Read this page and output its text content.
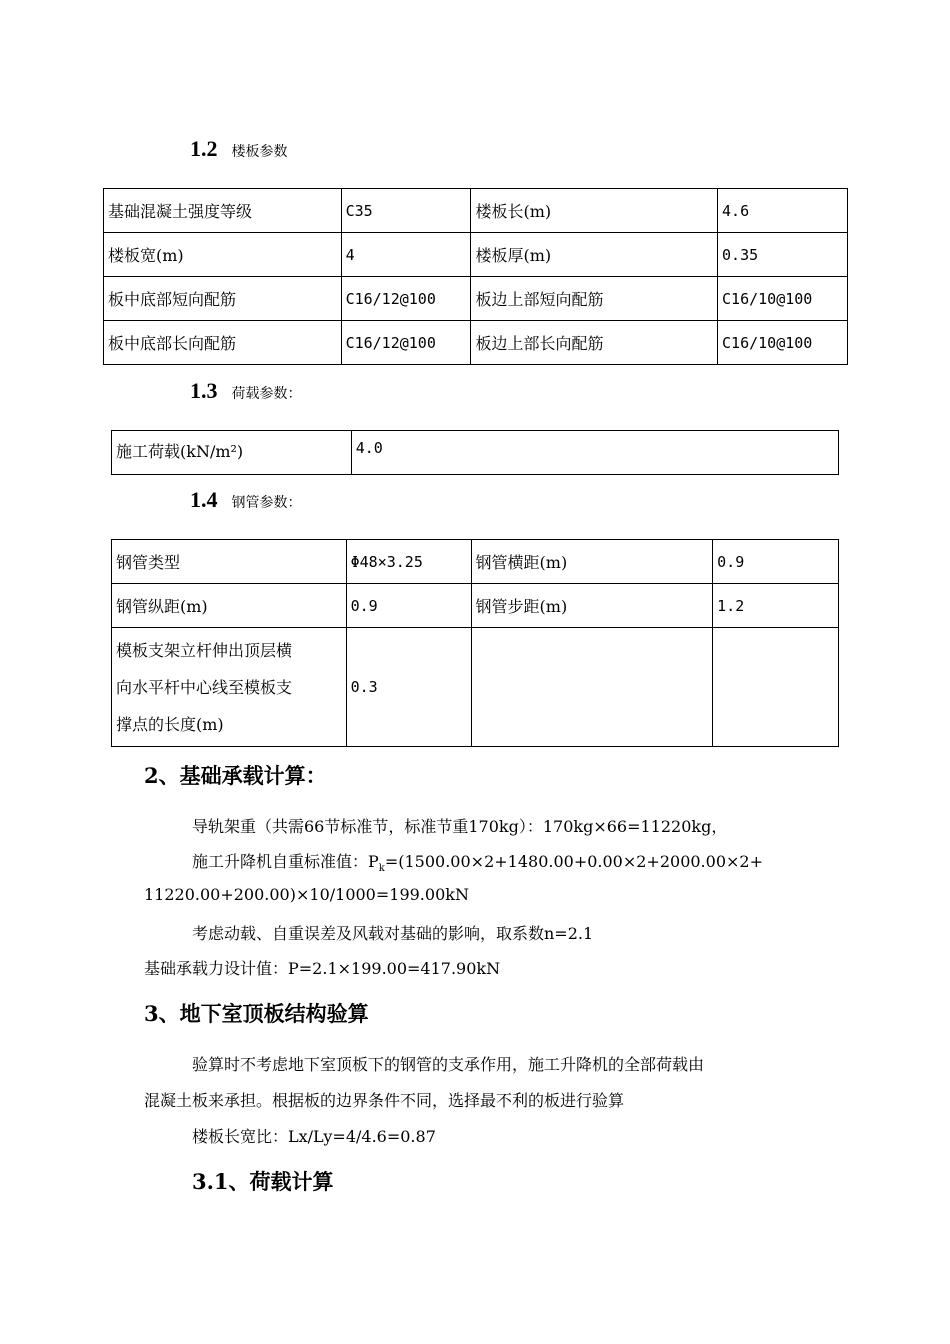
1.2 楼板参数
基础混凝土强度等级	C35	楼板长(m)	4.6
楼板宽(m)	4	楼板厚(m)	0.35
板中底部短向配筋	C16/12@100	板边上部短向配筋	C16/10@100
板中底部长向配筋	C16/12@100	板边上部长向配筋	C16/10@100
1.3 荷载参数：
施工荷载(kN/m²)	4.0
1.4 钢管参数：
钢管类型	Φ48×3.25	钢管横距(m)	0.9
钢管纵距(m)	0.9	钢管步距(m)	1.2

模板支架立杆伸出顶层横
向水平杆中心线至模板支
撑点的长度(m)	0.3		
2、基础承载计算：
导轨架重（共需66节标准节，标准节重170kg）：170kg×66=11220kg，
施工升降机自重标准值：$P_k=(1500.00\times 2+1480.00+0.00\times 2+2000.00\times 2+$
11220.00+200.00)×10/1000=199.00kN
考虑动载、自重误差及风载对基础的影响，取系数n=2.1
基础承载力设计值：P=2.1×199.00=417.90kN
3、地下室顶板结构验算
验算时不考虑地下室顶板下的钢管的支承作用，施工升降机的全部荷载由
混凝土板来承担。根据板的边界条件不同，选择最不利的板进行验算
楼板长宽比：Lx/Ly=4/4.6=0.87
3.1、荷载计算
